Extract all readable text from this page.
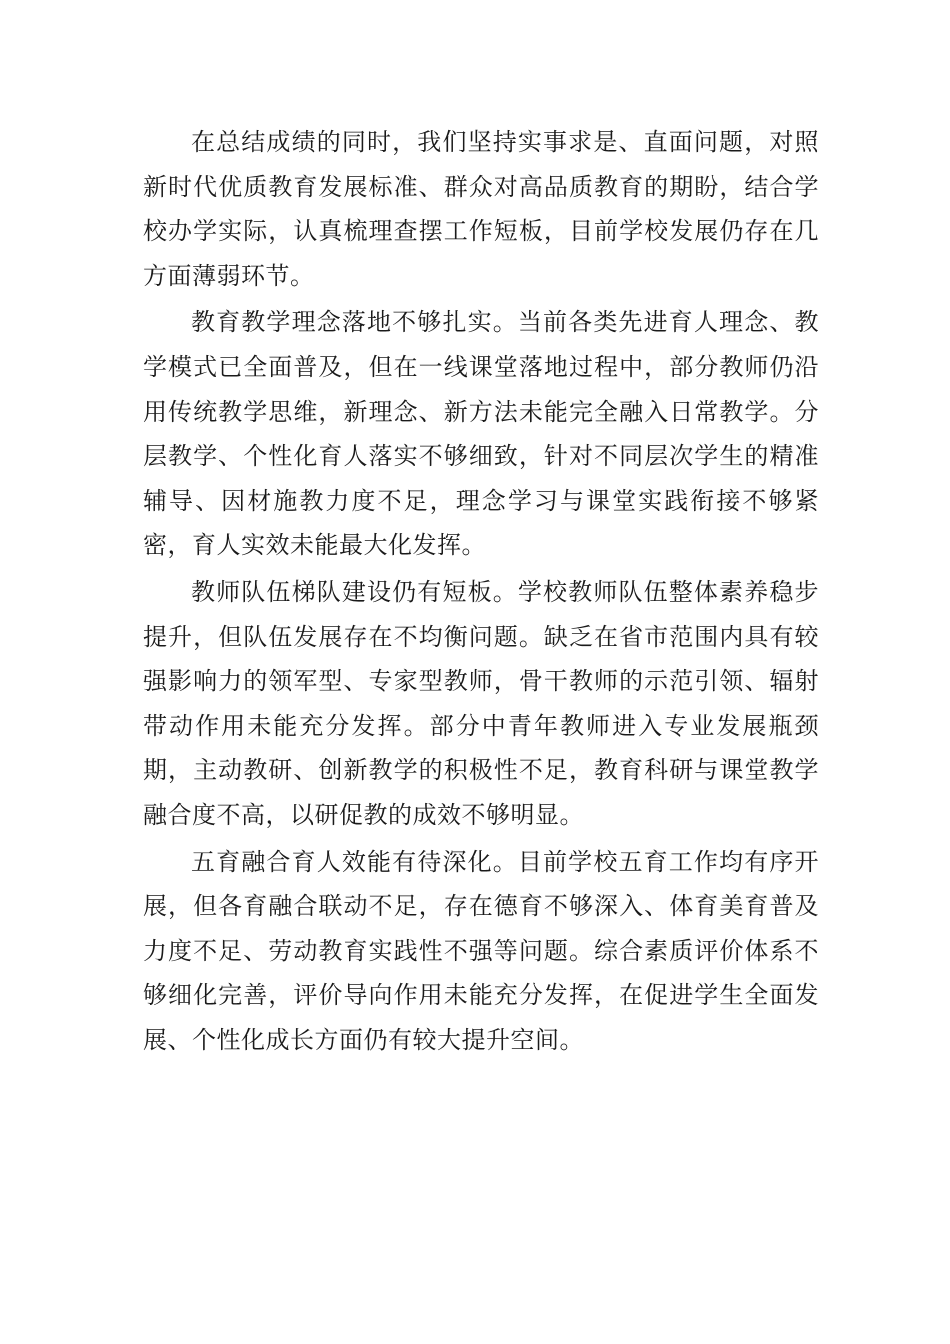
在总结成绩的同时，我们坚持实事求是、直面问题，对照新时代优质教育发展标准、群众对高品质教育的期盼，结合学校办学实际，认真梳理查摆工作短板，目前学校发展仍存在几方面薄弱环节。

教育教学理念落地不够扎实。当前各类先进育人理念、教学模式已全面普及，但在一线课堂落地过程中，部分教师仍沿用传统教学思维，新理念、新方法未能完全融入日常教学。分层教学、个性化育人落实不够细致，针对不同层次学生的精准辅导、因材施教力度不足，理念学习与课堂实践衔接不够紧密，育人实效未能最大化发挥。

教师队伍梯队建设仍有短板。学校教师队伍整体素养稳步提升，但队伍发展存在不均衡问题。缺乏在省市范围内具有较强影响力的领军型、专家型教师，骨干教师的示范引领、辐射带动作用未能充分发挥。部分中青年教师进入专业发展瓶颈期，主动教研、创新教学的积极性不足，教育科研与课堂教学融合度不高，以研促教的成效不够明显。

五育融合育人效能有待深化。目前学校五育工作均有序开展，但各育融合联动不足，存在德育不够深入、体育美育普及力度不足、劳动教育实践性不强等问题。综合素质评价体系不够细化完善，评价导向作用未能充分发挥，在促进学生全面发展、个性化成长方面仍有较大提升空间。
